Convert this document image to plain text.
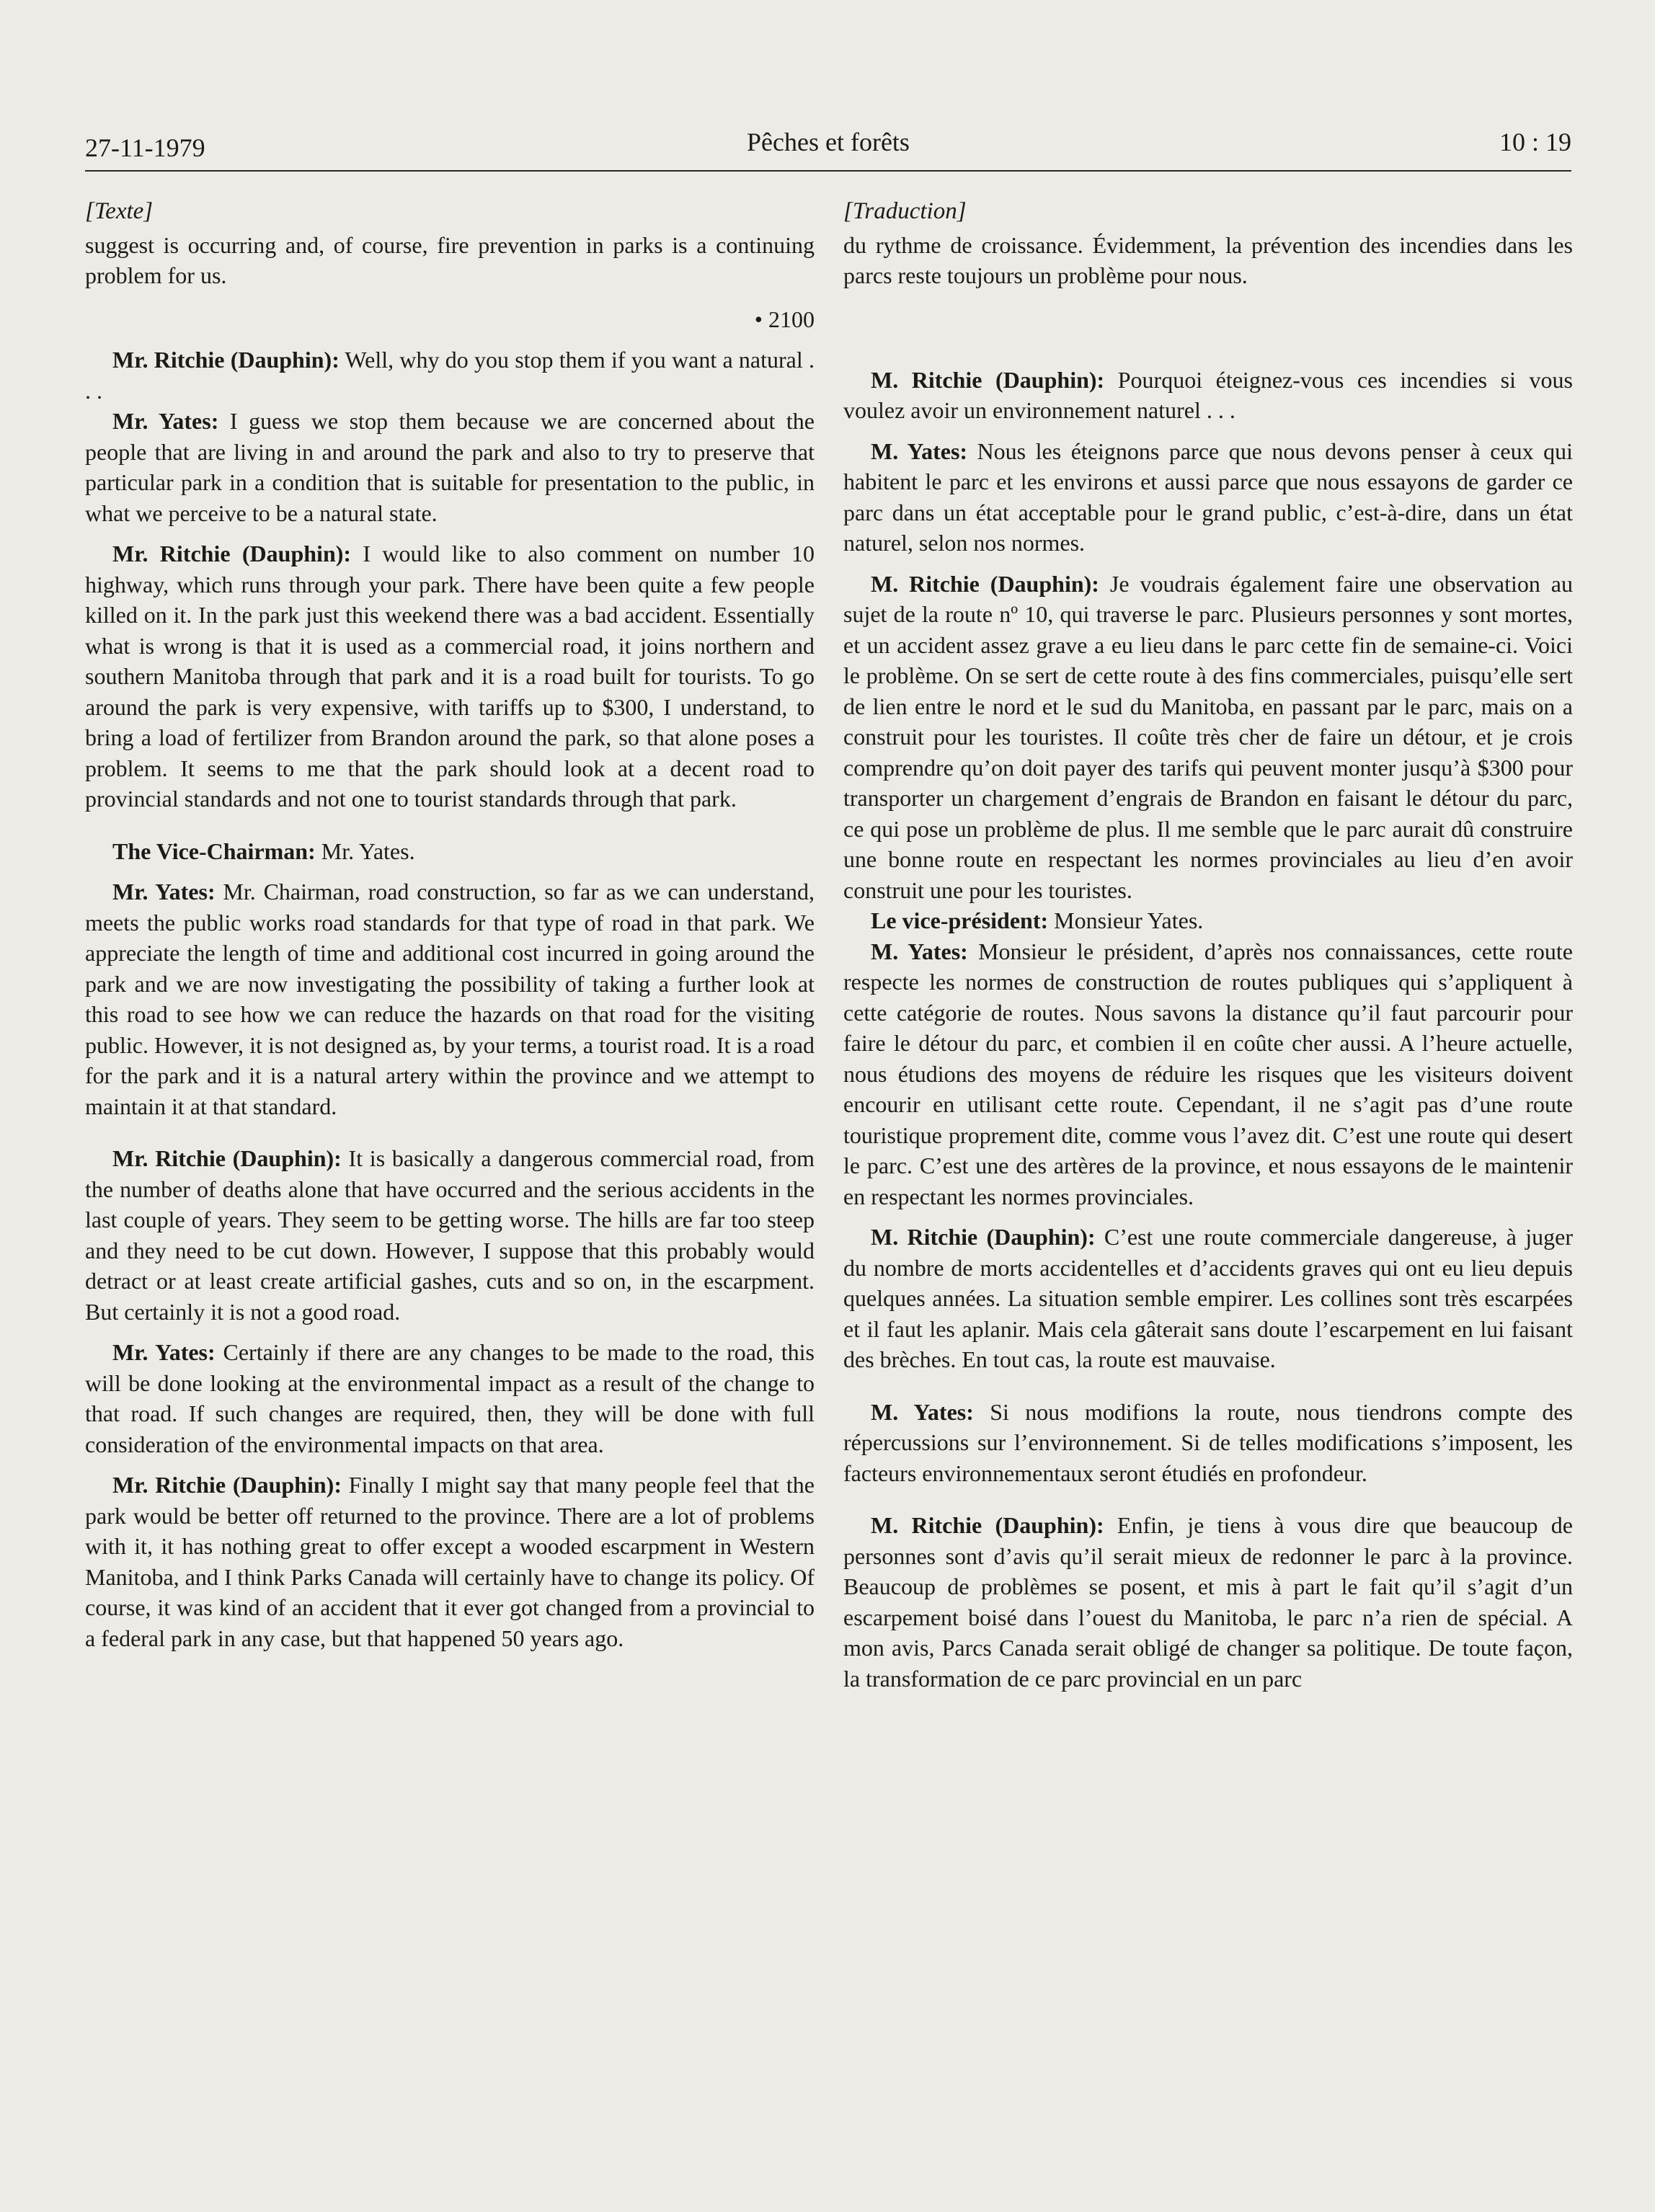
Pêches et forêts
27-11-1979	10 : 19
[Texte]

suggest is occurring and, of course, fire prevention in parks is a continuing problem for us.

• 2100

Mr. Ritchie (Dauphin): Well, why do you stop them if you want a natural . . .

Mr. Yates: I guess we stop them because we are concerned about the people that are living in and around the park and also to try to preserve that particular park in a condition that is suitable for presentation to the public, in what we perceive to be a natural state.

Mr. Ritchie (Dauphin): I would like to also comment on number 10 highway, which runs through your park. There have been quite a few people killed on it. In the park just this weekend there was a bad accident. Essentially what is wrong is that it is used as a commercial road, it joins northern and southern Manitoba through that park and it is a road built for tourists. To go around the park is very expensive, with tariffs up to $300, I understand, to bring a load of fertilizer from Brandon around the park, so that alone poses a problem. It seems to me that the park should look at a decent road to provincial standards and not one to tourist standards through that park.

The Vice-Chairman: Mr. Yates.

Mr. Yates: Mr. Chairman, road construction, so far as we can understand, meets the public works road standards for that type of road in that park. We appreciate the length of time and additional cost incurred in going around the park and we are now investigating the possibility of taking a further look at this road to see how we can reduce the hazards on that road for the visiting public. However, it is not designed as, by your terms, a tourist road. It is a road for the park and it is a natural artery within the province and we attempt to maintain it at that standard.

Mr. Ritchie (Dauphin): It is basically a dangerous commercial road, from the number of deaths alone that have occurred and the serious accidents in the last couple of years. They seem to be getting worse. The hills are far too steep and they need to be cut down. However, I suppose that this probably would detract or at least create artificial gashes, cuts and so on, in the escarpment. But certainly it is not a good road.

Mr. Yates: Certainly if there are any changes to be made to the road, this will be done looking at the environmental impact as a result of the change to that road. If such changes are required, then, they will be done with full consideration of the environmental impacts on that area.

Mr. Ritchie (Dauphin): Finally I might say that many people feel that the park would be better off returned to the province. There are a lot of problems with it, it has nothing great to offer except a wooded escarpment in Western Manitoba, and I think Parks Canada will certainly have to change its policy. Of course, it was kind of an accident that it ever got changed from a provincial to a federal park in any case, but that happened 50 years ago.

[Traduction]

du rythme de croissance. Évidemment, la prévention des incendies dans les parcs reste toujours un problème pour nous.

M. Ritchie (Dauphin): Pourquoi éteignez-vous ces incendies si vous voulez avoir un environnement naturel . . .

M. Yates: Nous les éteignons parce que nous devons penser à ceux qui habitent le parc et les environs et aussi parce que nous essayons de garder ce parc dans un état acceptable pour le grand public, c’est-à-dire, dans un état naturel, selon nos normes.

M. Ritchie (Dauphin): Je voudrais également faire une observation au sujet de la route nº 10, qui traverse le parc. Plusieurs personnes y sont mortes, et un accident assez grave a eu lieu dans le parc cette fin de semaine-ci. Voici le problème. On se sert de cette route à des fins commerciales, puisqu’elle sert de lien entre le nord et le sud du Manitoba, en passant par le parc, mais on a construit pour les touristes. Il coûte très cher de faire un détour, et je crois comprendre qu’on doit payer des tarifs qui peuvent monter jusqu’à $300 pour transporter un chargement d’engrais de Brandon en faisant le détour du parc, ce qui pose un problème de plus. Il me semble que le parc aurait dû construire une bonne route en respectant les normes provinciales au lieu d’en avoir construit une pour les touristes.

Le vice-président: Monsieur Yates.

M. Yates: Monsieur le président, d’après nos connaissances, cette route respecte les normes de construction de routes publiques qui s’appliquent à cette catégorie de routes. Nous savons la distance qu’il faut parcourir pour faire le détour du parc, et combien il en coûte cher aussi. A l’heure actuelle, nous étudions des moyens de réduire les risques que les visiteurs doivent encourir en utilisant cette route. Cependant, il ne s’agit pas d’une route touristique proprement dite, comme vous l’avez dit. C’est une route qui desert le parc. C’est une des artères de la province, et nous essayons de le maintenir en respectant les normes provinciales.

M. Ritchie (Dauphin): C’est une route commerciale dangereuse, à juger du nombre de morts accidentelles et d’accidents graves qui ont eu lieu depuis quelques années. La situation semble empirer. Les collines sont très escarpées et il faut les aplanir. Mais cela gâterait sans doute l’escarpement en lui faisant des brèches. En tout cas, la route est mauvaise.

M. Yates: Si nous modifions la route, nous tiendrons compte des répercussions sur l’environnement. Si de telles modifications s’imposent, les facteurs environnementaux seront étudiés en profondeur.

M. Ritchie (Dauphin): Enfin, je tiens à vous dire que beaucoup de personnes sont d’avis qu’il serait mieux de redonner le parc à la province. Beaucoup de problèmes se posent, et mis à part le fait qu’il s’agit d’un escarpement boisé dans l’ouest du Manitoba, le parc n’a rien de spécial. A mon avis, Parcs Canada serait obligé de changer sa politique. De toute façon, la transformation de ce parc provincial en un parc
